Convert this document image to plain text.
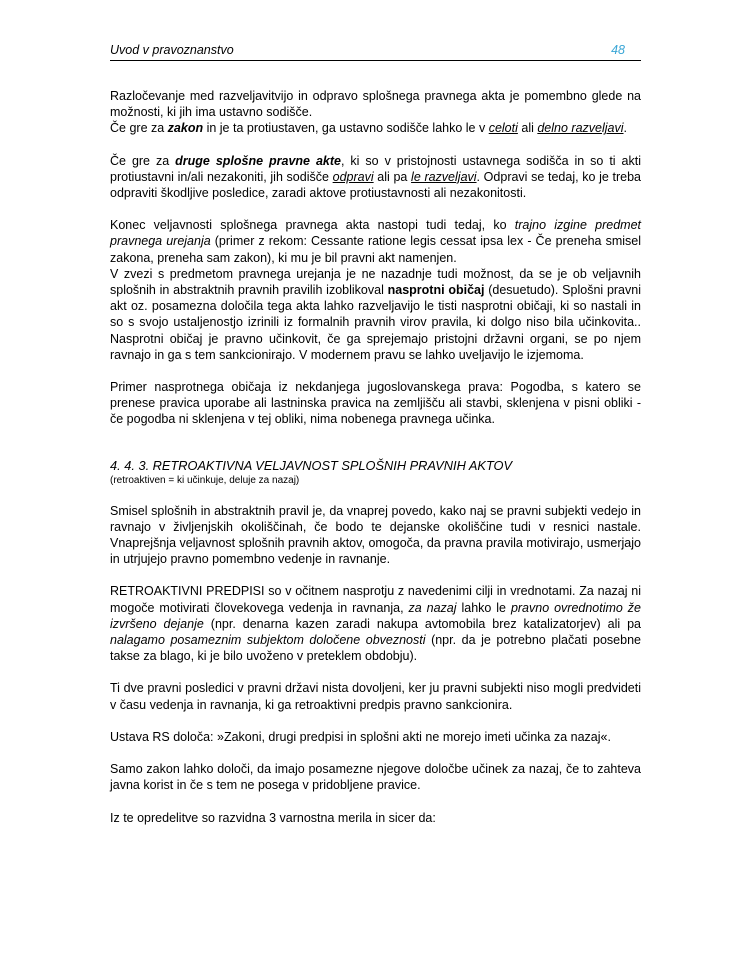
Uvod v pravoznanstvo	48

Razločevanje med razveljavitvijo in odpravo splošnega pravnega akta je pomembno glede na možnosti, ki jih ima ustavno sodišče.
Če gre za zakon in je ta protiustaven, ga ustavno sodišče lahko le v celoti ali delno razveljavi.

Če gre za druge splošne pravne akte, ki so v pristojnosti ustavnega sodišča in so ti akti protiustavni in/ali nezakoniti, jih sodišče odpravi ali pa le razveljavi. Odpravi se tedaj, ko je treba odpraviti škodljive posledice, zaradi aktove protiustavnosti ali nezakonitosti.

Konec veljavnosti splošnega pravnega akta nastopi tudi tedaj, ko trajno izgine predmet pravnega urejanja (primer z rekom: Cessante ratione legis cessat ipsa lex - Če preneha smisel zakona, preneha sam zakon), ki mu je bil pravni akt namenjen.
V zvezi s predmetom pravnega urejanja je ne nazadnje tudi možnost, da se je ob veljavnih splošnih in abstraktnih pravnih pravilih izoblikoval nasprotni običaj (desuetudo). Splošni pravni akt oz. posamezna določila tega akta lahko razveljavijo le tisti nasprotni običaji, ki so nastali in so s svojo ustaljenostjo izrinili iz formalnih pravnih virov pravila, ki dolgo niso bila učinkovita.. Nasprotni običaj je pravno učinkovit, če ga sprejemajo pristojni državni organi, se po njem ravnajo in ga s tem sankcionirajo. V modernem pravu se lahko uveljavijo le izjemoma.

Primer nasprotnega običaja iz nekdanjega jugoslovanskega prava: Pogodba, s katero se prenese pravica uporabe ali lastninska pravica na zemljišču ali stavbi, sklenjena v pisni obliki - če pogodba ni sklenjena v tej obliki, nima nobenega pravnega učinka.

4. 4. 3. RETROAKTIVNA VELJAVNOST SPLOŠNIH PRAVNIH AKTOV

(retroaktiven = ki učinkuje, deluje za nazaj)

Smisel splošnih in abstraktnih pravil je, da vnaprej povedo, kako naj se pravni subjekti vedejo in ravnajo v življenjskih okoliščinah, če bodo te dejanske okoliščine tudi v resnici nastale. Vnaprejšnja veljavnost splošnih pravnih aktov, omogoča, da pravna pravila motivirajo, usmerjajo in utrjujejo pravno pomembno vedenje in ravnanje.

RETROAKTIVNI PREDPISI so v očitnem nasprotju z navedenimi cilji in vrednotami. Za nazaj ni mogoče motivirati človekovega vedenja in ravnanja, za nazaj lahko le pravno ovrednotimo že izvršeno dejanje (npr. denarna kazen zaradi nakupa avtomobila brez katalizatorjev) ali pa nalagamo posameznim subjektom določene obveznosti (npr. da je potrebno plačati posebne takse za blago, ki je bilo uvoženo v preteklem obdobju).

Ti dve pravni posledici v pravni državi nista dovoljeni, ker ju pravni subjekti niso mogli predvideti v času vedenja in ravnanja, ki ga retroaktivni predpis pravno sankcionira.

Ustava RS določa: »Zakoni, drugi predpisi in splošni akti ne morejo imeti učinka za nazaj«.

Samo zakon lahko določi, da imajo posamezne njegove določbe učinek za nazaj, če to zahteva javna korist in če s tem ne posega v pridobljene pravice.

Iz te opredelitve so razvidna 3 varnostna merila in sicer da:
